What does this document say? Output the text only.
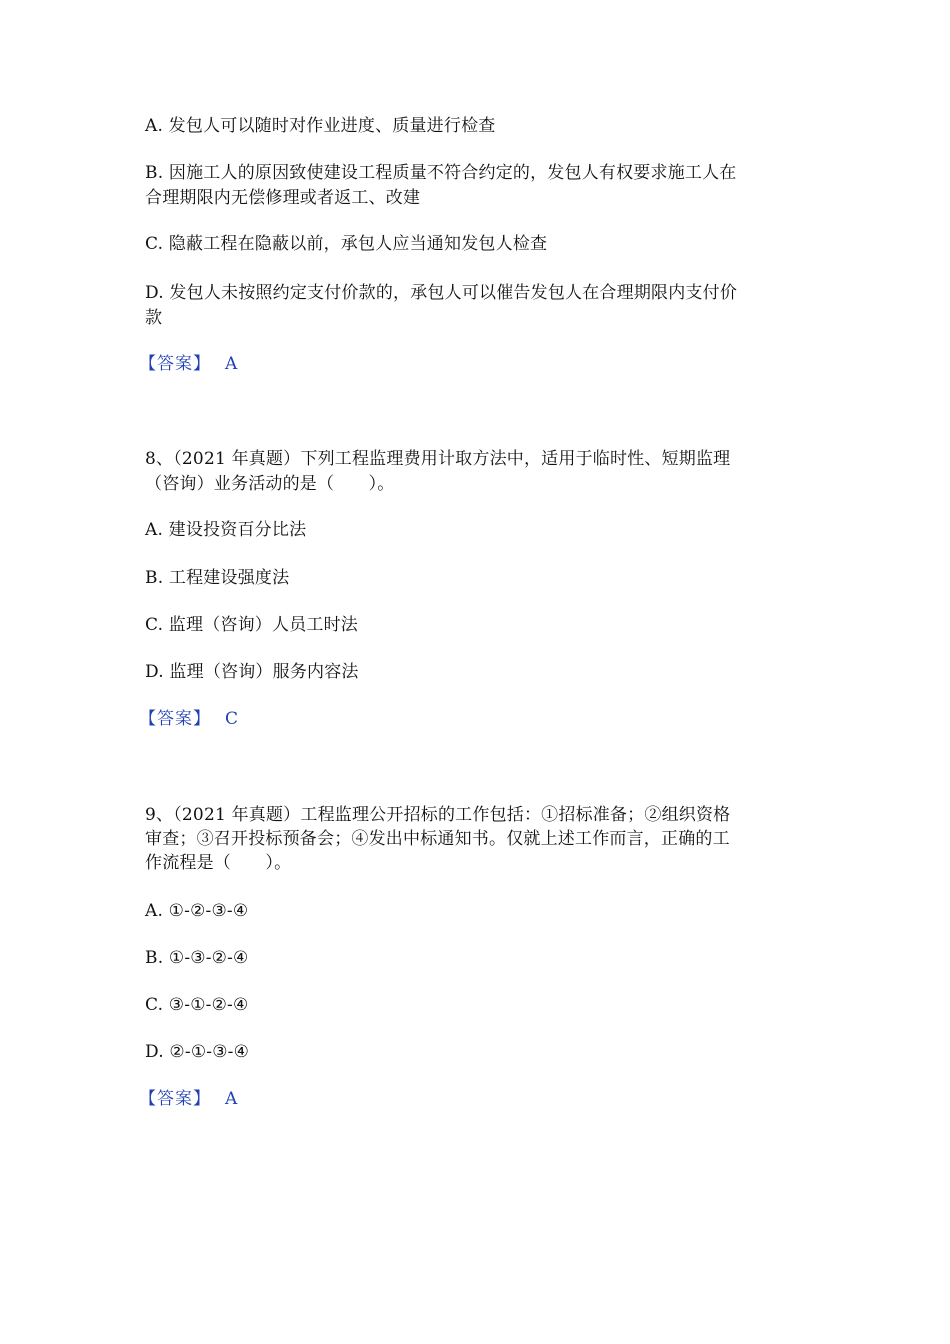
A. 发包人可以随时对作业进度、质量进行检查
B. 因施工人的原因致使建设工程质量不符合约定的，发包人有权要求施工人在
合理期限内无偿修理或者返工、改建
C. 隐蔽工程在隐蔽以前，承包人应当通知发包人检查
D. 发包人未按照约定支付价款的，承包人可以催告发包人在合理期限内支付价
款
【答案】 A
8、（2021 年真题）下列工程监理费用计取方法中，适用于临时性、短期监理
（咨询）业务活动的是（　　）。
A. 建设投资百分比法
B. 工程建设强度法
C. 监理（咨询）人员工时法
D. 监理（咨询）服务内容法
【答案】 C
9、（2021 年真题）工程监理公开招标的工作包括：①招标准备；②组织资格
审查；③召开投标预备会；④发出中标通知书。仅就上述工作而言，正确的工
作流程是（　　）。
A. ①-②-③-④
B. ①-③-②-④
C. ③-①-②-④
D. ②-①-③-④
【答案】 A
